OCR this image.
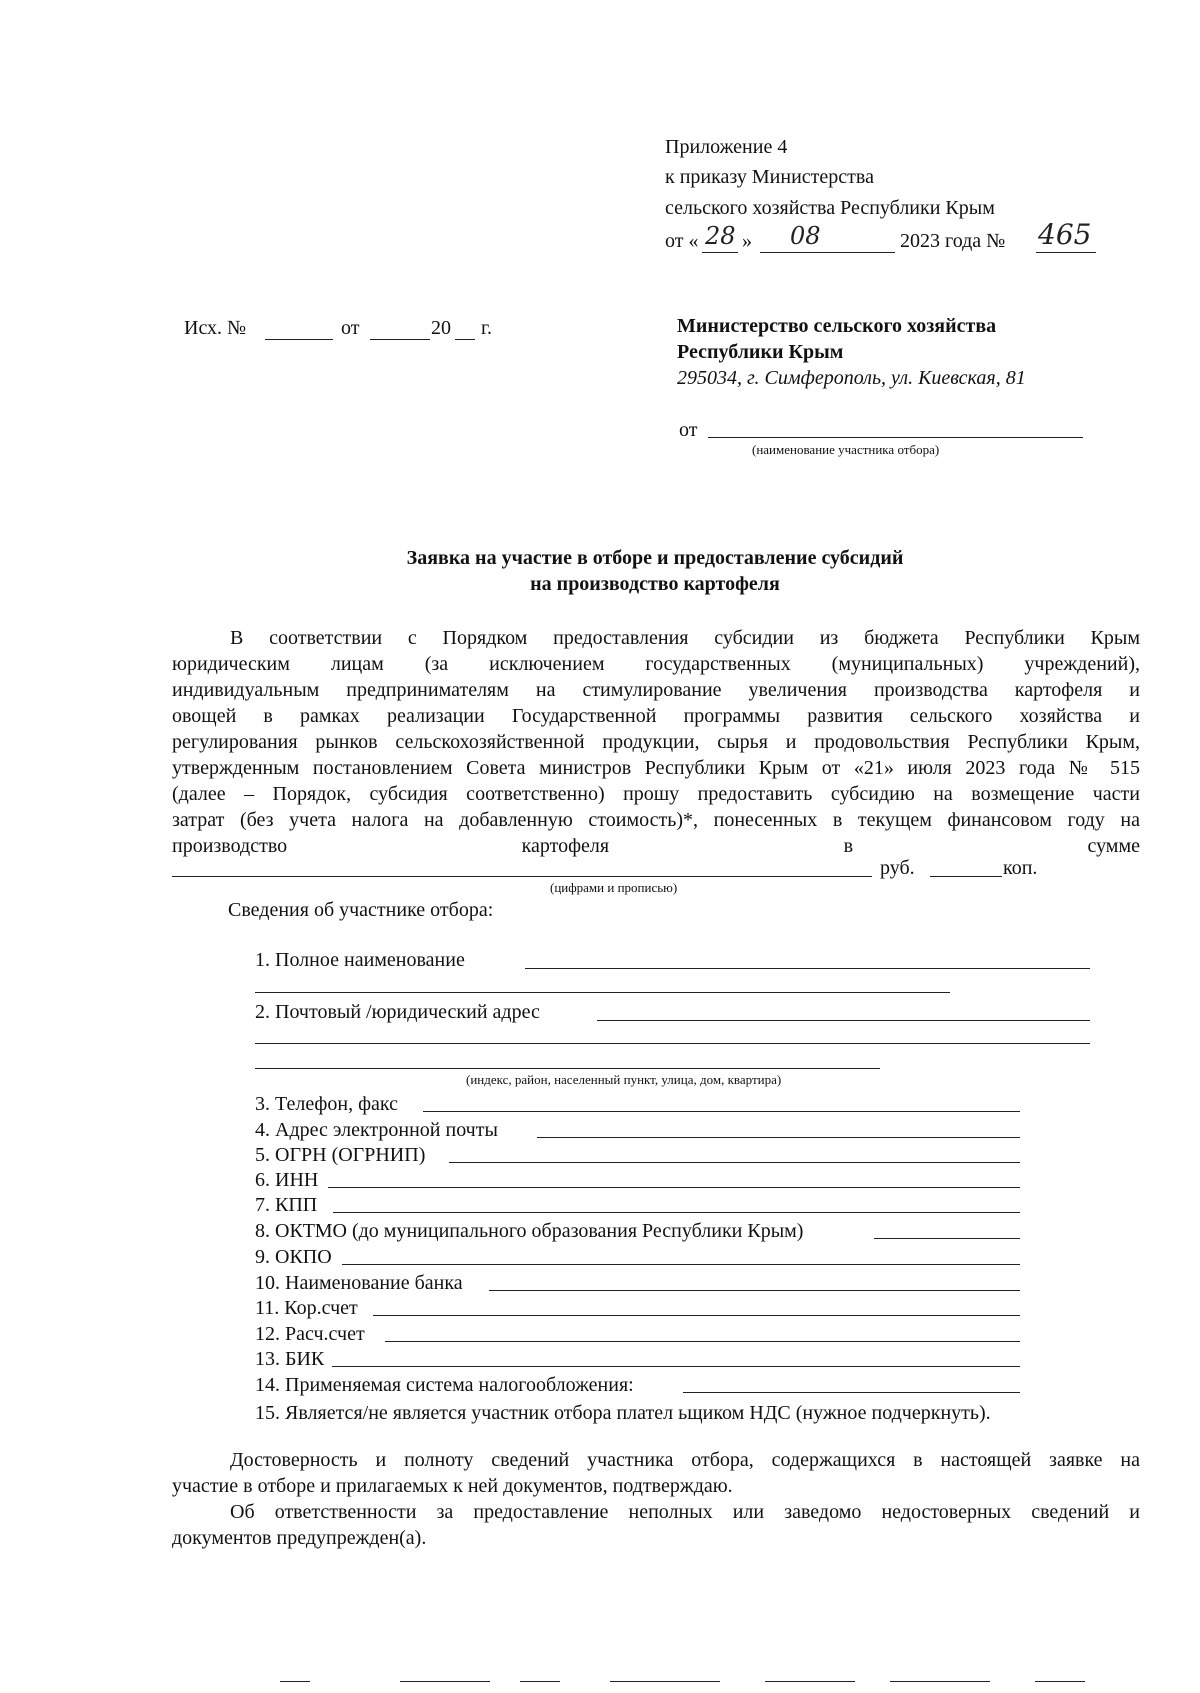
Приложение 4
к приказу Министерства
сельского хозяйства Республики Крым
от « 28 » 08	2023 года № 465
Исх. №	от	20 г.	Министерство сельского хозяйства
Республики Крым
295034, г. Симферополь, ул. Киевская, 81
от
(наименование участника отбора)
Заявка на участие в отборе и предоставление субсидий
на производство картофеля
В соответствии с Порядком предоставления субсидии из бюджета Республики Крым
юридическим лицам (за исключением государственных (муниципальных) учреждений),
индивидуальным предпринимателям на стимулирование увеличения производства картофеля и
овощей в рамках реализации Государственной программы развития сельского хозяйства и
регулирования рынков сельскохозяйственной продукции, сырья и продовольствия Республики Крым,
утвержденным постановлением Совета министров Республики Крым от «21» июля 2023 года № 515
(далее – Порядок, субсидия соответственно) прошу предоставить субсидию на возмещение части
затрат (без учета налога на добавленную стоимость)*, понесенных в текущем финансовом году на
производство картофеля в сумме
руб.	коп.
(цифрами и прописью)
Сведения об участнике отбора:
1. Полное наименование
2. Почтовый /юридический адрес
(индекс, район, населенный пункт, улица, дом, квартира)
3. Телефон, факс
4. Адрес электронной почты
5. ОГРН (ОГРНИП)
6. ИНН
7. КПП
8. ОКТМО (до муниципального образования Республики Крым)
9. ОКПО
10. Наименование банка
11. Кор.счет
12. Расч.счет
13. БИК
14. Применяемая система налогообложения:
15. Является/не является участник отбора плател ьщиком НДС (нужное подчеркнуть).
Достоверность и полноту сведений участника отбора, содержащихся в настоящей заявке на
участие в отборе и прилагаемых к ней документов, подтверждаю.
Об ответственности за предоставление неполных или заведомо недостоверных сведений и
документов предупрежден(а).
